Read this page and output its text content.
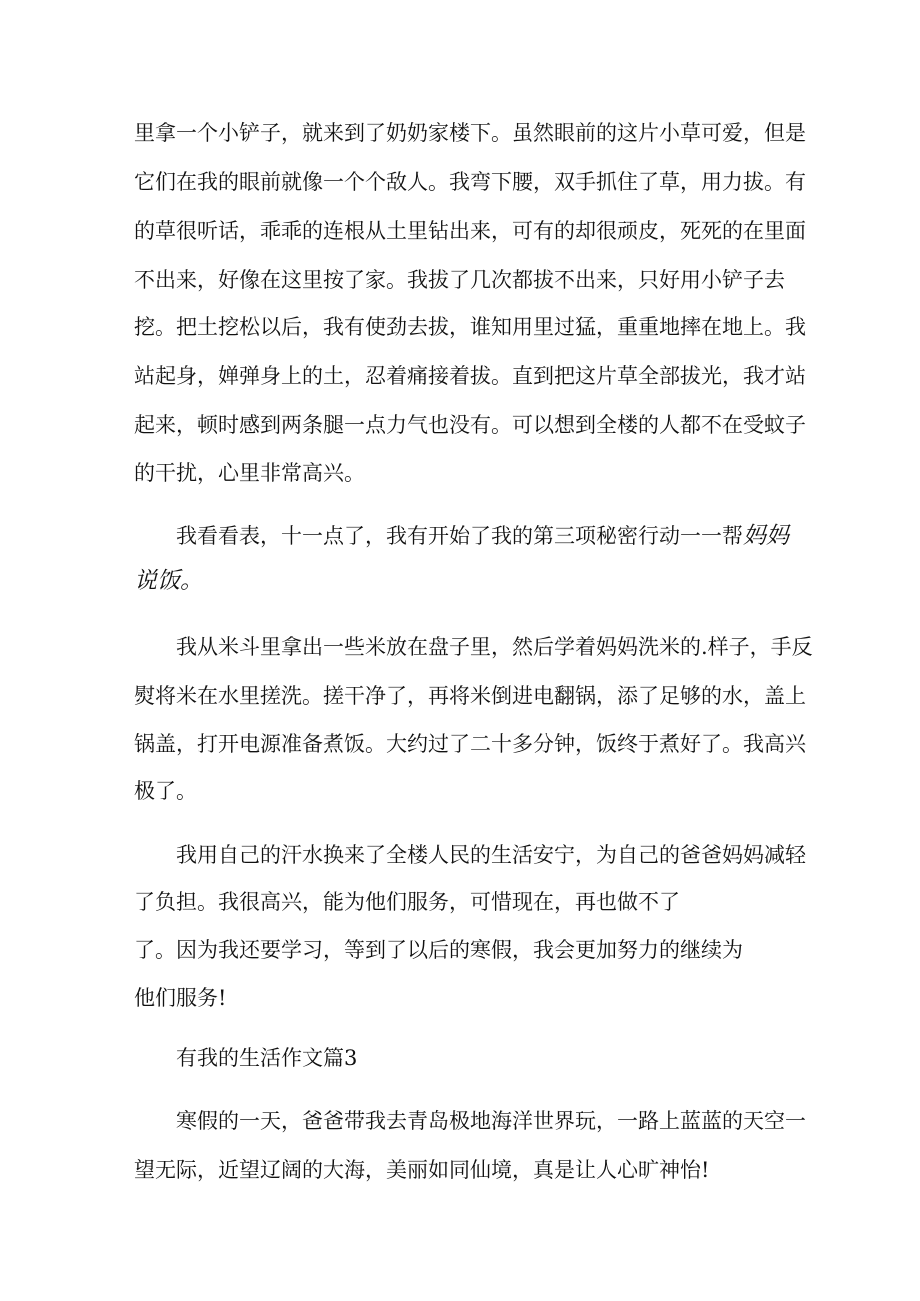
里拿一个小铲子，就来到了奶奶家楼下。虽然眼前的这片小草可爱，但是
它们在我的眼前就像一个个敌人。我弯下腰，双手抓住了草，用力拔。有
的草很听话，乖乖的连根从土里钻出来，可有的却很顽皮，死死的在里面
不出来，好像在这里按了家。我拔了几次都拔不出来，只好用小铲子去
挖。把土挖松以后，我有使劲去拔，谁知用里过猛，重重地摔在地上。我
站起身，婵弹身上的土，忍着痛接着拔。直到把这片草全部拔光，我才站
起来，顿时感到两条腿一点力气也没有。可以想到全楼的人都不在受蚊子
的干扰，心里非常高兴。
我看看表，十一点了，我有开始了我的第三项秘密行动一一帮妈妈
说饭。
我从米斗里拿出一些米放在盘子里，然后学着妈妈洗米的.样子，手反
熨将米在水里搓洗。搓干净了，再将米倒进电翻锅，添了足够的水，盖上
锅盖，打开电源准备煮饭。大约过了二十多分钟，饭终于煮好了。我高兴
极了。
我用自己的汗水换来了全楼人民的生活安宁，为自己的爸爸妈妈减轻
了负担。我很高兴，能为他们服务，可惜现在，再也做不了
了。因为我还要学习，等到了以后的寒假，我会更加努力的继续为
他们服务!
有我的生活作文篇3
寒假的一天，爸爸带我去青岛极地海洋世界玩，一路上蓝蓝的天空一
望无际，近望辽阔的大海，美丽如同仙境，真是让人心旷神怡!
